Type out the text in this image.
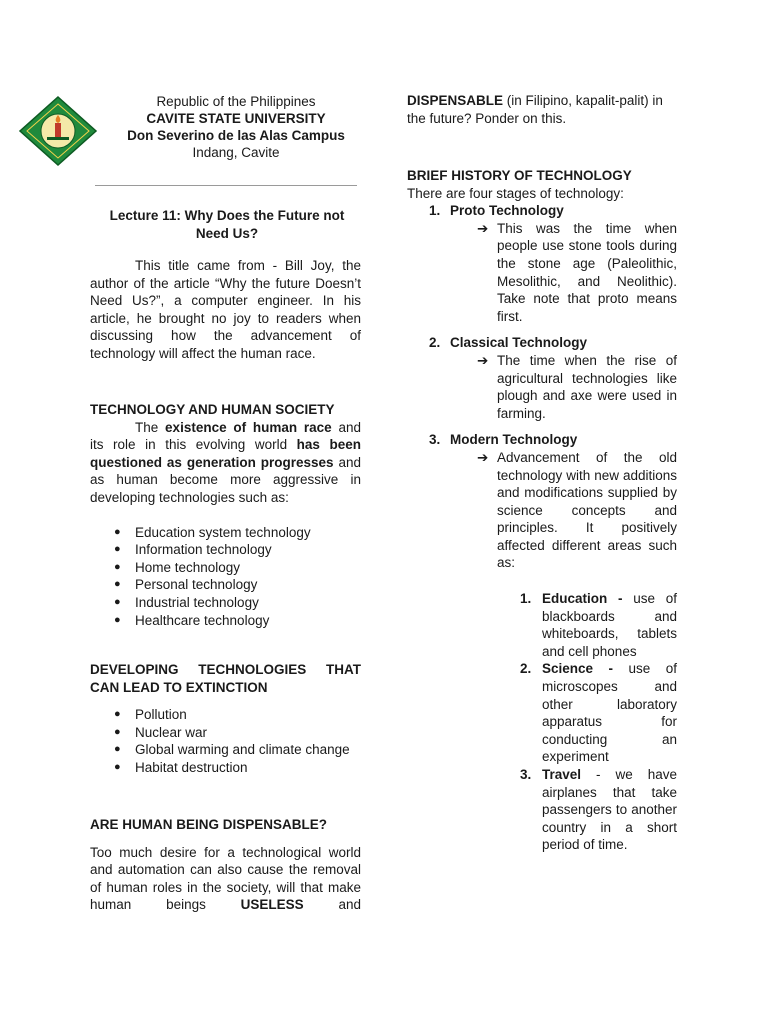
Republic of the Philippines
CAVITE STATE UNIVERSITY
Don Severino de las Alas Campus
Indang, Cavite
Lecture 11: Why Does the Future not Need Us?

This title came from - Bill Joy, the author of the article “Why the future Doesn’t Need Us?”, a computer engineer. In his article, he brought no joy to readers when discussing how the advancement of technology will affect the human race.

TECHNOLOGY AND HUMAN SOCIETY

The existence of human race and its role in this evolving world has been questioned as generation progresses and as human become more aggressive in developing technologies such as:

● Education system technology
● Information technology
● Home technology
● Personal technology
● Industrial technology
● Healthcare technology
DEVELOPING TECHNOLOGIES THAT CAN LEAD TO EXTINCTION
● Pollution
● Nuclear war
● Global warming and climate change
● Habitat destruction
ARE HUMAN BEING DISPENSABLE?

Too much desire for a technological world and automation can also cause the removal of human roles in the society, will that make human beings USELESS and

DISPENSABLE (in Filipino, kapalit-palit) in the future? Ponder on this.

BRIEF HISTORY OF TECHNOLOGY
There are four stages of technology:
1. Proto Technology
➔ This was the time when people use stone tools during the stone age (Paleolithic, Mesolithic, and Neolithic). Take note that proto means first.
2. Classical Technology
➔ The time when the rise of agricultural technologies like plough and axe were used in farming.
3. Modern Technology
➔ Advancement of the old technology with new additions and modifications supplied by science concepts and principles. It positively affected different areas such as:
1. Education - use of blackboards and whiteboards, tablets and cell phones
2. Science - use of microscopes and other laboratory apparatus for conducting an experiment
3. Travel - we have airplanes that take passengers to another country in a short period of time.
